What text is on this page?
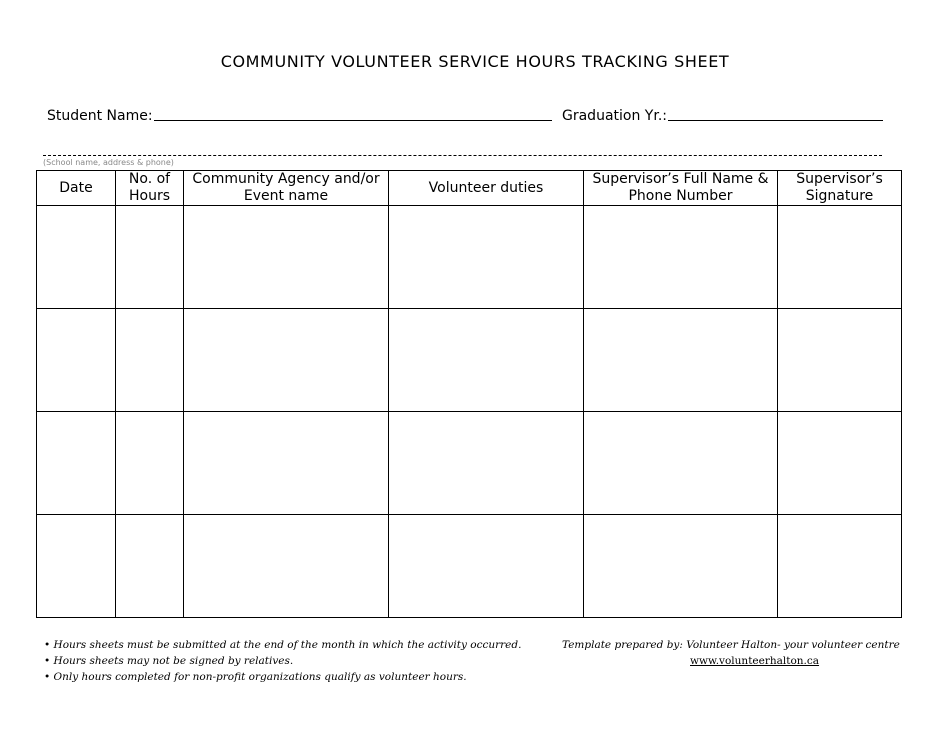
COMMUNITY VOLUNTEER SERVICE HOURS TRACKING SHEET
Student Name:	Graduation Yr.:
(School name, address & phone)
Date	No. of Hours	Community Agency and/or Event name	Volunteer duties	Supervisor’s Full Name & Phone Number	Supervisor’s Signature

• Hours sheets must be submitted at the end of the month in which the activity occurred.
• Hours sheets may not be signed by relatives.
• Only hours completed for non-profit organizations qualify as volunteer hours.
Template prepared by: Volunteer Halton- your volunteer centre
www.volunteerhalton.ca
